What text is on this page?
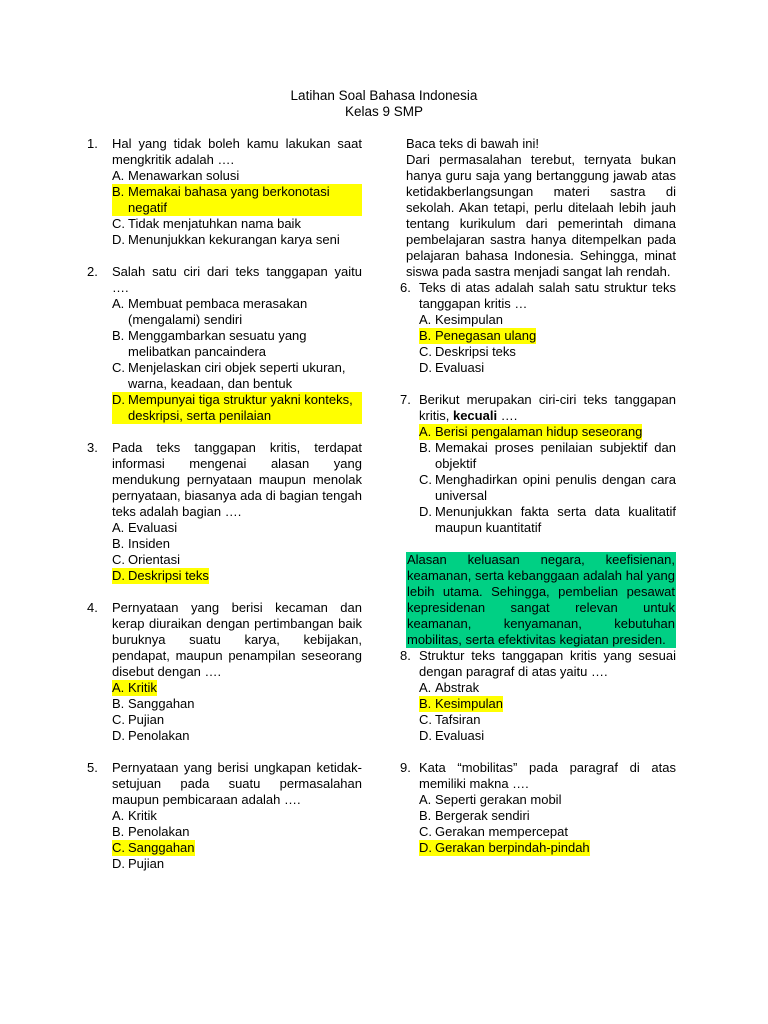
Latihan Soal Bahasa Indonesia
Kelas 9 SMP
1.	Hal yang tidak boleh kamu lakukan saat mengkritik adalah ….
A. Menawarkan solusi
B. Memakai bahasa yang berkonotasi negatif
C. Tidak menjatuhkan nama baik
D. Menunjukkan kekurangan karya seni
2.	Salah satu ciri dari teks tanggapan yaitu ….
A. Membuat pembaca merasakan (mengalami) sendiri
B. Menggambarkan sesuatu yang melibatkan pancaindera
C. Menjelaskan ciri objek seperti ukuran, warna, keadaan, dan bentuk
D. Mempunyai tiga struktur yakni konteks, deskripsi, serta penilaian
3.	Pada teks tanggapan kritis, terdapat informasi mengenai alasan yang mendukung pernyataan maupun menolak pernyataan, biasanya ada di bagian tengah teks adalah bagian ….
A. Evaluasi
B. Insiden
C. Orientasi
D. Deskripsi teks
4.	Pernyataan yang berisi kecaman dan kerap diuraikan dengan pertimbangan baik buruknya suatu karya, kebijakan, pendapat, maupun penampilan seseorang disebut dengan ….
A. Kritik
B. Sanggahan
C. Pujian
D. Penolakan
5.	Pernyataan yang berisi ungkapan ketidak-setujuan pada suatu permasalahan maupun pembicaraan adalah ….
A. Kritik
B. Penolakan
C. Sanggahan
D. Pujian
Baca teks di bawah ini!
Dari permasalahan terebut, ternyata bukan hanya guru saja yang bertanggung jawab atas ketidakberlangsungan materi sastra di sekolah. Akan tetapi, perlu ditelaah lebih jauh tentang kurikulum dari pemerintah dimana pembelajaran sastra hanya ditempelkan pada pelajaran bahasa Indonesia. Sehingga, minat siswa pada sastra menjadi sangat lah rendah.
6. Teks di atas adalah salah satu struktur teks tanggapan kritis …
A. Kesimpulan
B. Penegasan ulang
C. Deskripsi teks
D. Evaluasi
7. Berikut merupakan ciri-ciri teks tanggapan kritis, kecuali ….
A. Berisi pengalaman hidup seseorang
B. Memakai proses penilaian subjektif dan objektif
C. Menghadirkan opini penulis dengan cara universal
D. Menunjukkan fakta serta data kualitatif maupun kuantitatif
Alasan keluasan negara, keefisienan, keamanan, serta kebanggaan adalah hal yang lebih utama. Sehingga, pembelian pesawat kepresidenan sangat relevan untuk keamanan, kenyamanan, kebutuhan mobilitas, serta efektivitas kegiatan presiden.
8. Struktur teks tanggapan kritis yang sesuai dengan paragraf di atas yaitu ….
A. Abstrak
B. Kesimpulan
C. Tafsiran
D. Evaluasi
9. Kata “mobilitas” pada paragraf di atas memiliki makna ….
A. Seperti gerakan mobil
B. Bergerak sendiri
C. Gerakan mempercepat
D. Gerakan berpindah-pindah
